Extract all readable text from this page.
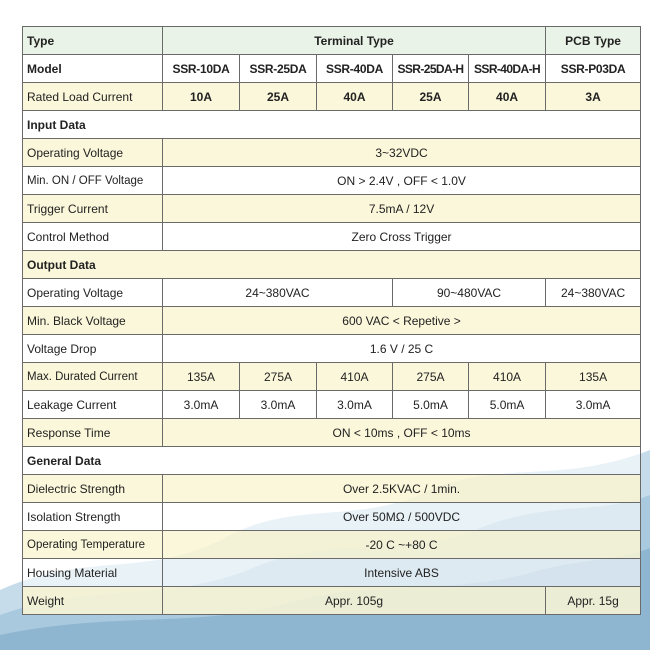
Type	Terminal Type					PCB Type
Model	SSR-10DA	SSR-25DA	SSR-40DA	SSR-25DA-H	SSR-40DA-H	SSR-P03DA
Rated Load Current	10A	25A	40A	25A	40A	3A
Input Data						
Operating Voltage	3~32VDC					
Min. ON / OFF Voltage	ON > 2.4V , OFF < 1.0V					
Trigger Current	7.5mA / 12V					
Control Method	Zero Cross Trigger					
Output Data						
Operating Voltage	24~380VAC			90~480VAC		24~380VAC
Min. Black Voltage	600 VAC < Repetive >					
Voltage Drop	1.6 V / 25 C					
Max. Durated Current	135A	275A	410A	275A	410A	135A
Leakage Current	3.0mA	3.0mA	3.0mA	5.0mA	5.0mA	3.0mA
Response Time	ON < 10ms , OFF < 10ms					
General Data						
Dielectric Strength	Over 2.5KVAC / 1min.					
Isolation Strength	Over 50MΩ / 500VDC					
Operating Temperature	-20 C ~+80 C					
Housing Material	Intensive ABS					
Weight	Appr. 105g					Appr. 15g
